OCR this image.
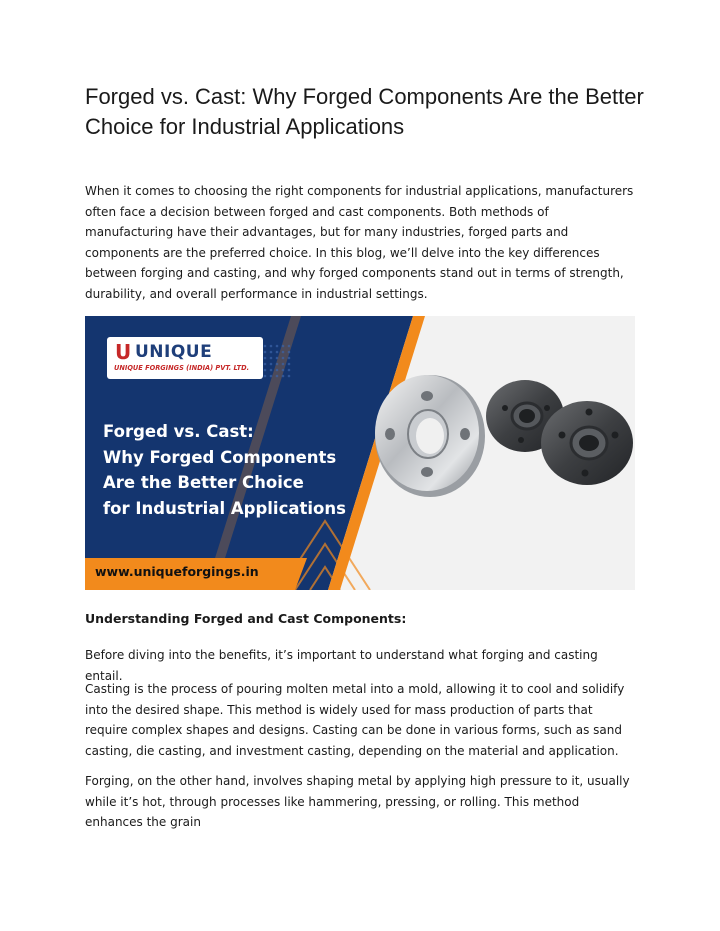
Forged vs. Cast: Why Forged Components Are the Better Choice for Industrial Applications

When it comes to choosing the right components for industrial applications, manufacturers often face a decision between forged and cast components. Both methods of manufacturing have their advantages, but for many industries, forged parts and components are the preferred choice. In this blog, we’ll delve into the key differences between forging and casting, and why forged components stand out in terms of strength, durability, and overall performance in industrial settings.

U UNIQUE
UNIQUE FORGINGS (INDIA) PVT. LTD.
Forged vs. Cast:
Why Forged Components
Are the Better Choice
for Industrial Applications
www.uniqueforgings.in

Understanding Forged and Cast Components:

Before diving into the benefits, it’s important to understand what forging and casting entail.

Casting is the process of pouring molten metal into a mold, allowing it to cool and solidify into the desired shape. This method is widely used for mass production of parts that require complex shapes and designs. Casting can be done in various forms, such as sand casting, die casting, and investment casting, depending on the material and application.

Forging, on the other hand, involves shaping metal by applying high pressure to it, usually while it’s hot, through processes like hammering, pressing, or rolling. This method enhances the grain
